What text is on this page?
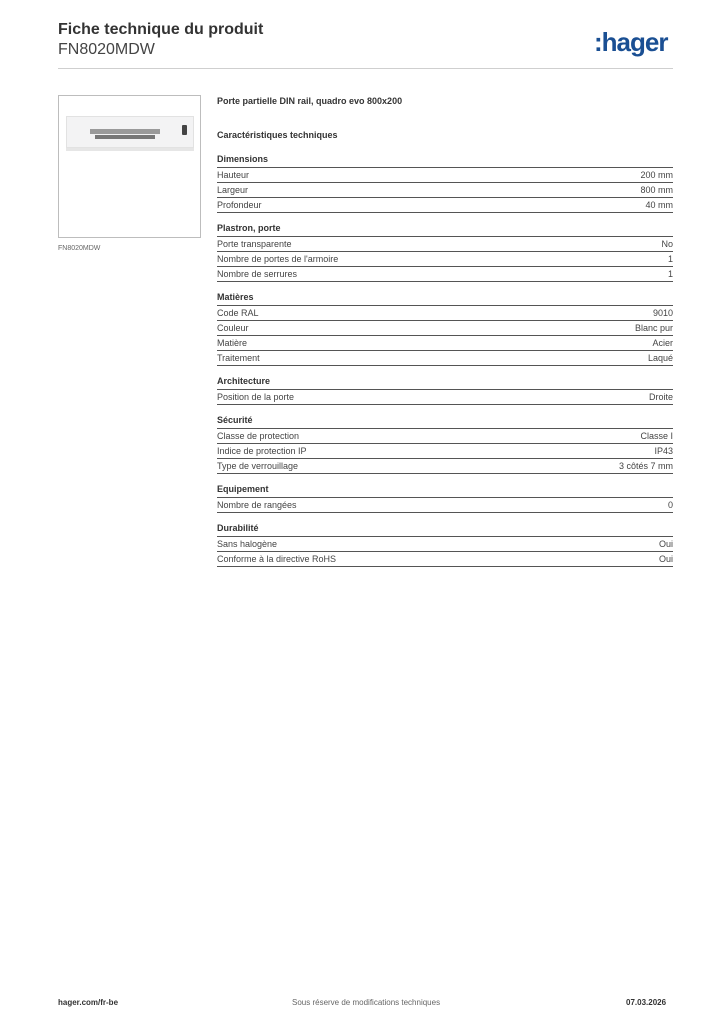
Fiche technique du produit
FN8020MDW	:hager
FN8020MDW
Porte partielle DIN rail, quadro evo 800x200
Caractéristiques techniques
Dimensions
Hauteur	200 mm
Largeur	800 mm
Profondeur	40 mm
Plastron, porte
Porte transparente	No
Nombre de portes de l'armoire	1
Nombre de serrures	1
Matières
Code RAL	9010
Couleur	Blanc pur
Matière	Acier
Traitement	Laqué
Architecture
Position de la porte	Droite
Sécurité
Classe de protection	Classe I
Indice de protection IP	IP43
Type de verrouillage	3 côtés 7 mm
Equipement
Nombre de rangées	0
Durabilité
Sans halogène	Oui
Conforme à la directive RoHS	Oui
hager.com/fr-be	Sous réserve de modifications techniques	07.03.2026
